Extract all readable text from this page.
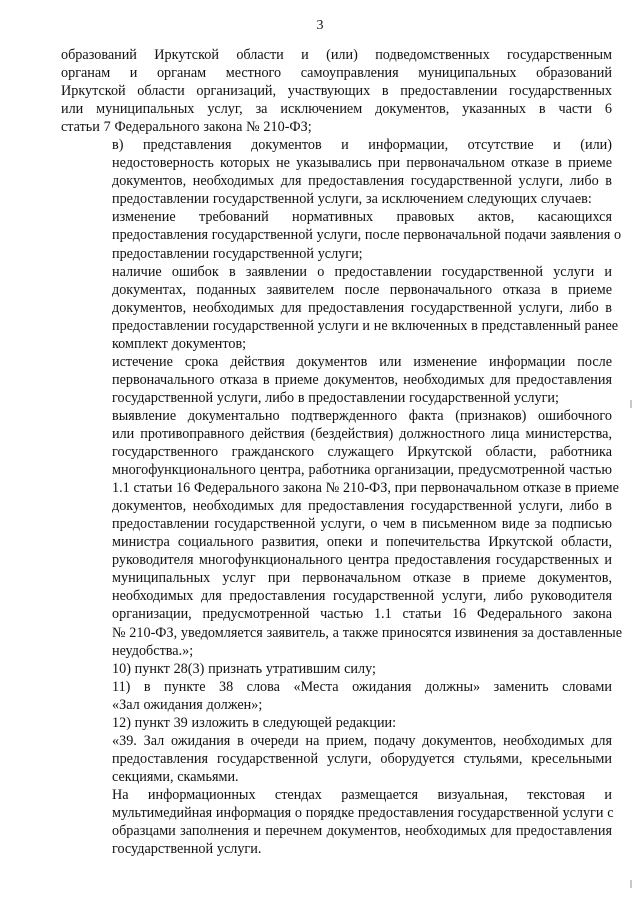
3

образований Иркутской области и (или) подведомственных государственным
органам и органам местного самоуправления муниципальных образований
Иркутской области организаций, участвующих в предоставлении государственных
или муниципальных услуг, за исключением документов, указанных в части 6
статьи 7 Федерального закона № 210-ФЗ;

в) представления документов и информации, отсутствие и (или)
недостоверность которых не указывались при первоначальном отказе в приеме
документов, необходимых для предоставления государственной услуги, либо в
предоставлении государственной услуги, за исключением следующих случаев:

изменение требований нормативных правовых актов, касающихся
предоставления государственной услуги, после первоначальной подачи заявления о
предоставлении государственной услуги;

наличие ошибок в заявлении о предоставлении государственной услуги и
документах, поданных заявителем после первоначального отказа в приеме
документов, необходимых для предоставления государственной услуги, либо в
предоставлении государственной услуги и не включенных в представленный ранее
комплект документов;

истечение срока действия документов или изменение информации после
первоначального отказа в приеме документов, необходимых для предоставления
государственной услуги, либо в предоставлении государственной услуги;

выявление документально подтвержденного факта (признаков) ошибочного
или противоправного действия (бездействия) должностного лица министерства,
государственного гражданского служащего Иркутской области, работника
многофункционального центра, работника организации, предусмотренной частью
1.1 статьи 16 Федерального закона № 210-ФЗ, при первоначальном отказе в приеме
документов, необходимых для предоставления государственной услуги, либо в
предоставлении государственной услуги, о чем в письменном виде за подписью
министра социального развития, опеки и попечительства Иркутской области,
руководителя многофункционального центра предоставления государственных и
муниципальных услуг при первоначальном отказе в приеме документов,
необходимых для предоставления государственной услуги, либо руководителя
организации, предусмотренной частью 1.1 статьи 16 Федерального закона
№ 210-ФЗ, уведомляется заявитель, а также приносятся извинения за доставленные
неудобства.»;

10) пункт 28(3) признать утратившим силу;

11) в пункте 38 слова «Места ожидания должны» заменить словами
«Зал ожидания должен»;

12) пункт 39 изложить в следующей редакции:

«39. Зал ожидания в очереди на прием, подачу документов, необходимых для
предоставления государственной услуги, оборудуется стульями, кресельными
секциями, скамьями.

На информационных стендах размещается визуальная, текстовая и
мультимедийная информация о порядке предоставления государственной услуги с
образцами заполнения и перечнем документов, необходимых для предоставления
государственной услуги.
